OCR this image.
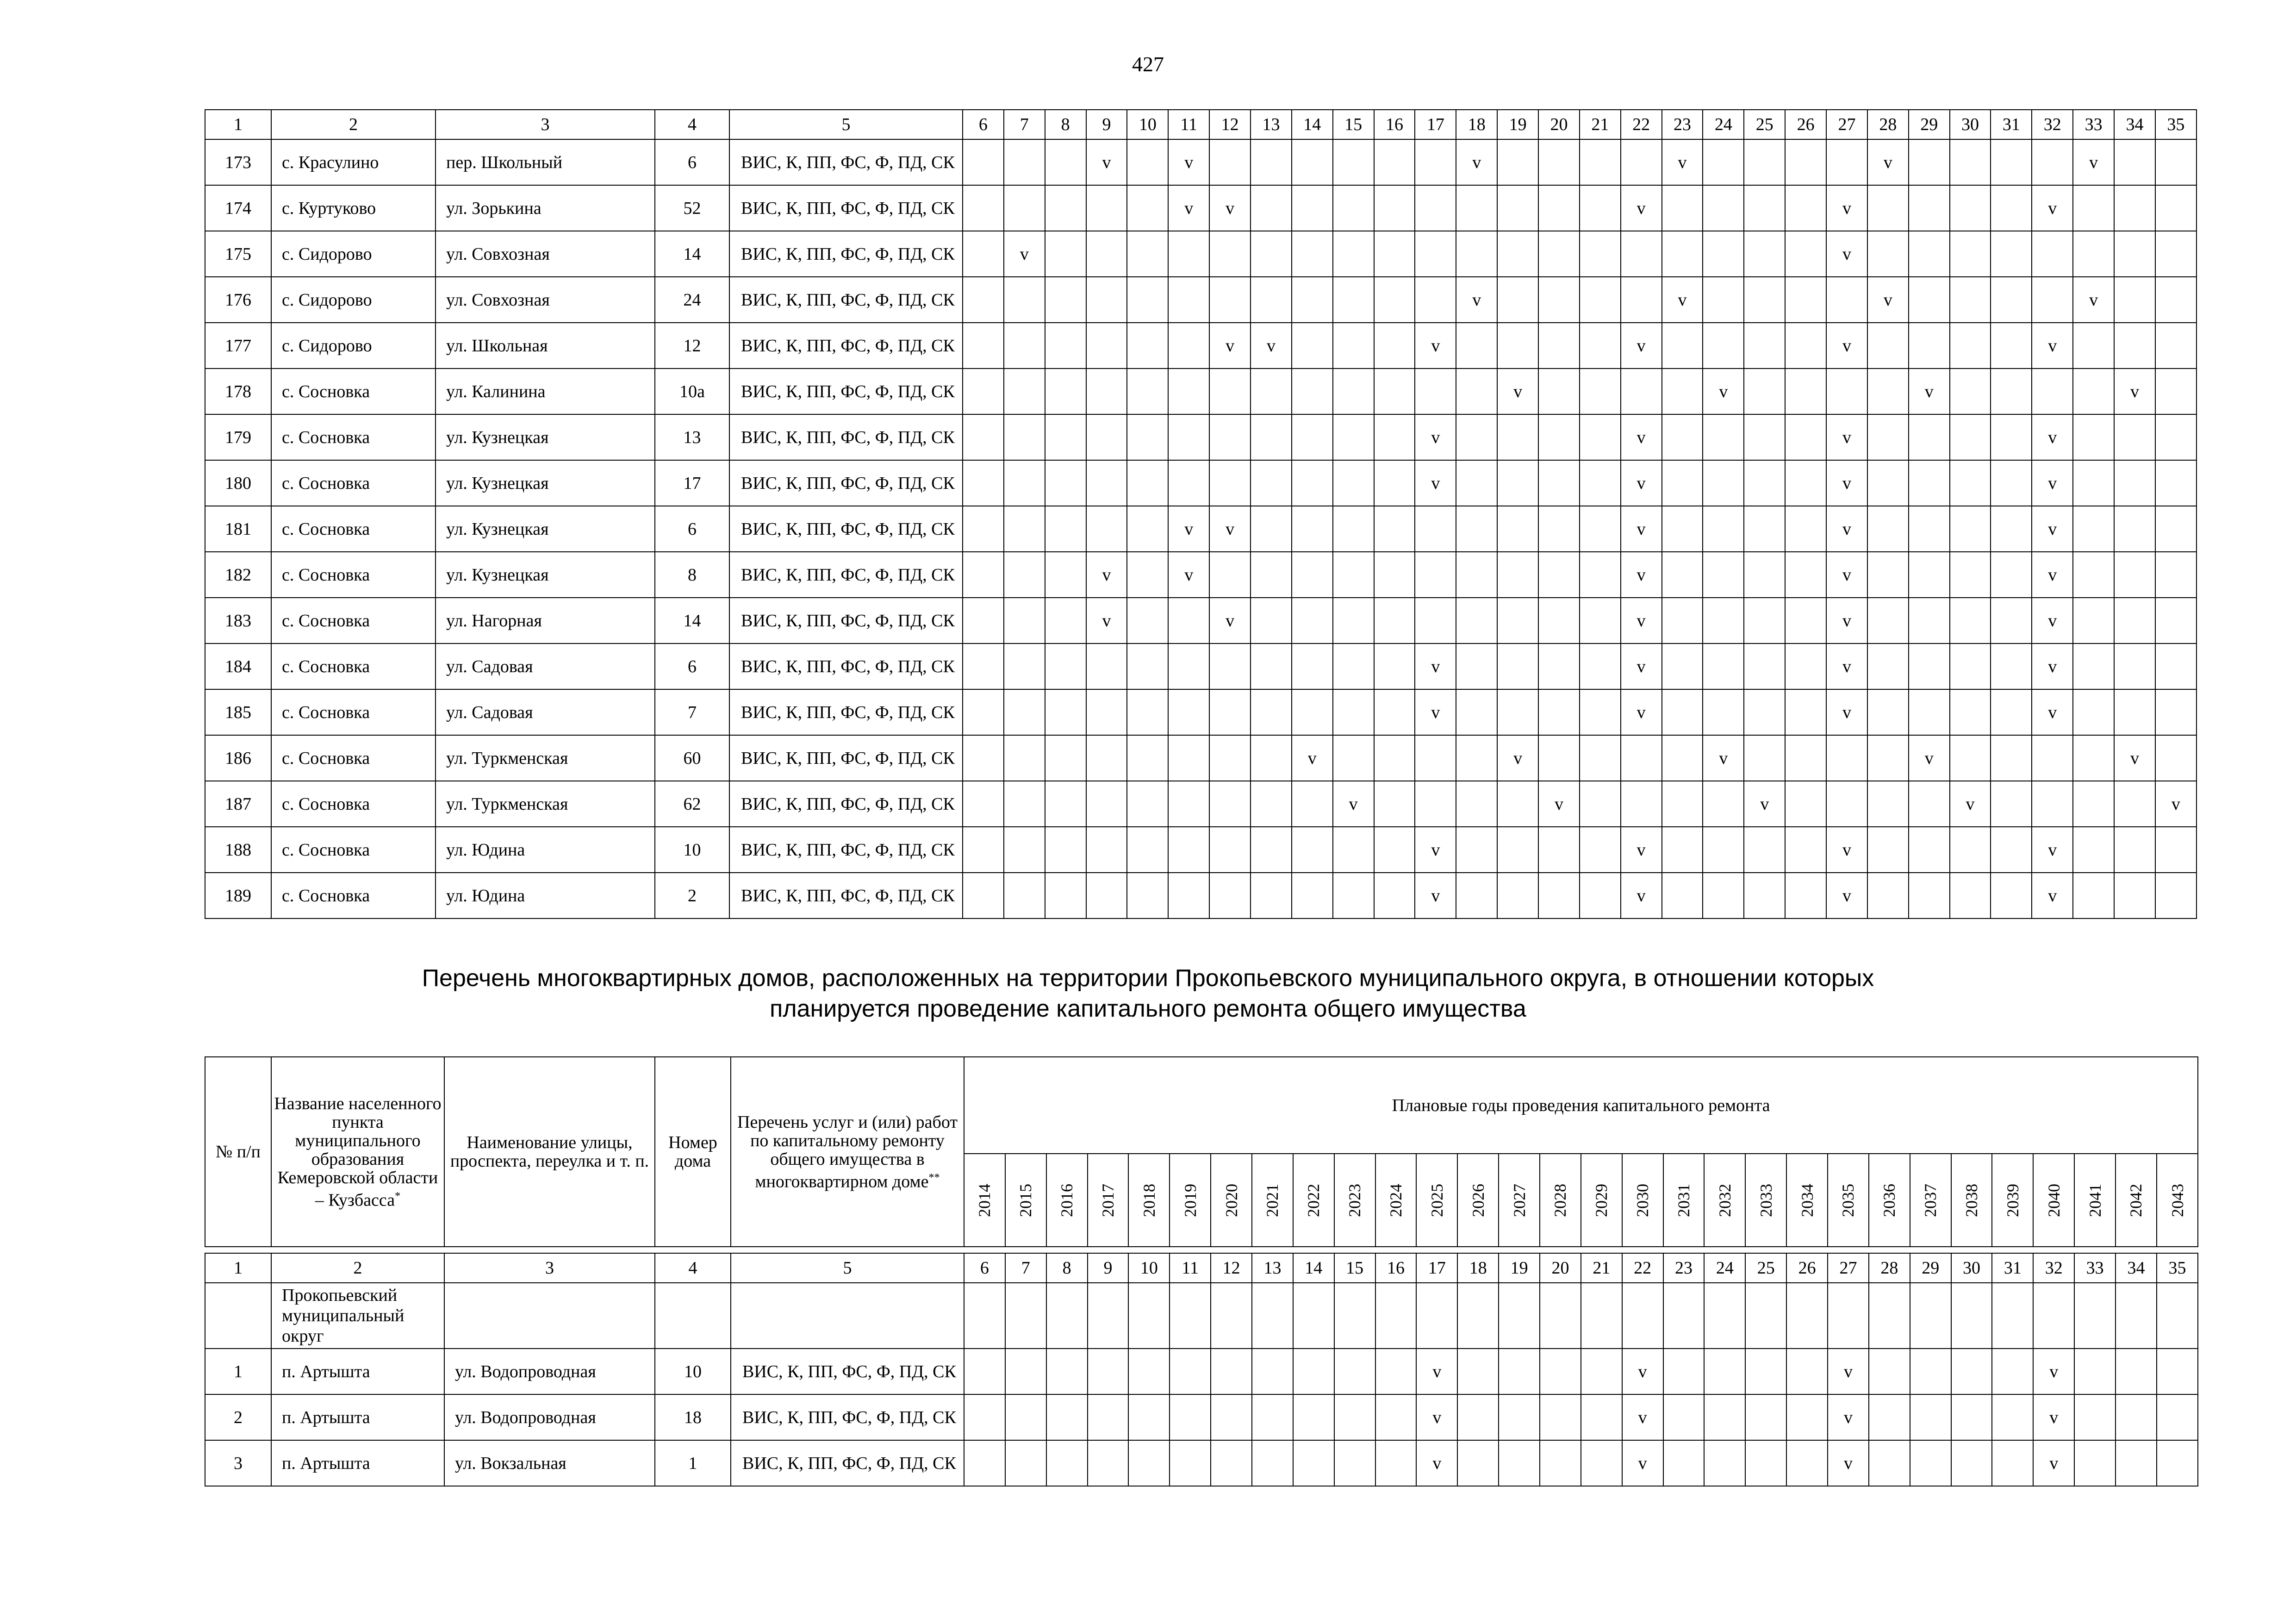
427
1	2	3	4	5	6	7	8	9	10	11	12	13	14	15	16	17	18	19	20	21	22	23	24	25	26	27	28	29	30	31	32	33	34	35
173	с. Красулино	пер. Школьный	6	ВИС, К, ПП, ФС, Ф, ПД, СК				v		v							v					v					v					v		
174	с. Куртуково	ул. Зорькина	52	ВИС, К, ПП, ФС, Ф, ПД, СК						v	v										v					v					v			
175	с. Сидорово	ул. Совхозная	14	ВИС, К, ПП, ФС, Ф, ПД, СК		v																				v								
176	с. Сидорово	ул. Совхозная	24	ВИС, К, ПП, ФС, Ф, ПД, СК													v					v					v					v		
177	с. Сидорово	ул. Школьная	12	ВИС, К, ПП, ФС, Ф, ПД, СК							v	v				v					v					v					v			
178	с. Сосновка	ул. Калинина	10а	ВИС, К, ПП, ФС, Ф, ПД, СК														v					v					v					v	
179	с. Сосновка	ул. Кузнецкая	13	ВИС, К, ПП, ФС, Ф, ПД, СК												v					v					v					v			
180	с. Сосновка	ул. Кузнецкая	17	ВИС, К, ПП, ФС, Ф, ПД, СК												v					v					v					v			
181	с. Сосновка	ул. Кузнецкая	6	ВИС, К, ПП, ФС, Ф, ПД, СК						v	v										v					v					v			
182	с. Сосновка	ул. Кузнецкая	8	ВИС, К, ПП, ФС, Ф, ПД, СК				v		v											v					v					v			
183	с. Сосновка	ул. Нагорная	14	ВИС, К, ПП, ФС, Ф, ПД, СК				v			v										v					v					v			
184	с. Сосновка	ул. Садовая	6	ВИС, К, ПП, ФС, Ф, ПД, СК												v					v					v					v			
185	с. Сосновка	ул. Садовая	7	ВИС, К, ПП, ФС, Ф, ПД, СК												v					v					v					v			
186	с. Сосновка	ул. Туркменская	60	ВИС, К, ПП, ФС, Ф, ПД, СК									v					v					v					v					v	
187	с. Сосновка	ул. Туркменская	62	ВИС, К, ПП, ФС, Ф, ПД, СК										v					v					v					v					v
188	с. Сосновка	ул. Юдина	10	ВИС, К, ПП, ФС, Ф, ПД, СК												v					v					v					v			
189	с. Сосновка	ул. Юдина	2	ВИС, К, ПП, ФС, Ф, ПД, СК												v					v					v					v			
Перечень многоквартирных домов, расположенных на территории Прокопьевского муниципального округа, в отношении которых
планируется проведение капитального ремонта общего имущества
№ п/п	Название населенного пункта муниципального образования Кемеровской области – Кузбасса*	Наименование улицы, проспекта, переулка и т. п.	Номер дома	Перечень услуг и (или) работ по капитальному ремонту общего имущества в многоквартирном доме**	Плановые годы проведения капитального ремонта																													

					2014	2015	2016	2017	2018	2019	2020	2021	2022	2023	2024	2025	2026	2027	2028	2029	2030	2031	2032	2033	2034	2035	2036	2037	2038	2039	2040	2041	2042	2043

1	2	3	4	5	6	7	8	9	10	11	12	13	14	15	16	17	18	19	20	21	22	23	24	25	26	27	28	29	30	31	32	33	34	35
	Прокопьевский муниципальный округ																																	
1	п. Артышта	ул. Водопроводная	10	ВИС, К, ПП, ФС, Ф, ПД, СК												v					v					v					v			
2	п. Артышта	ул. Водопроводная	18	ВИС, К, ПП, ФС, Ф, ПД, СК												v					v					v					v			
3	п. Артышта	ул. Вокзальная	1	ВИС, К, ПП, ФС, Ф, ПД, СК												v					v					v					v			
